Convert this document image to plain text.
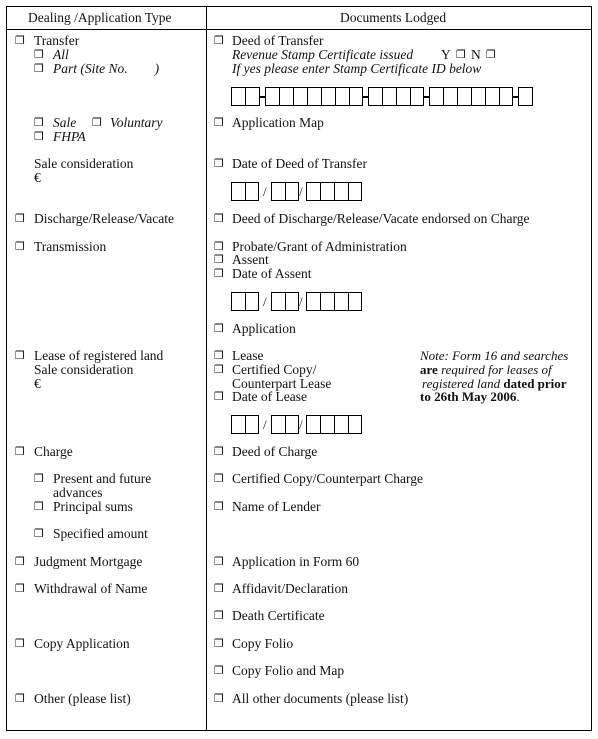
Dealing /Application Type	Documents Lodged
❒ Transfer
❒ All
❒ Part (Site No.        )
❒ Sale ❒ Voluntary
❒ FHPA
Sale consideration
€
❒ Discharge/Release/Vacate
❒ Transmission
❒ Lease of registered land
Sale consideration
€
❒ Charge
❒ Present and future
advances
❒ Principal sums
❒ Specified amount
❒ Judgment Mortgage
❒ Withdrawal of Name
❒ Copy Application
❒ Other (please list)
❒ Deed of Transfer
Revenue Stamp Certificate issued Y ❒ N ❒
If yes please enter Stamp Certificate ID below
❒ Application Map
❒ Date of Deed of Transfer
/ /
❒ Deed of Discharge/Release/Vacate endorsed on Charge
❒ Probate/Grant of Administration
❒ Assent
❒ Date of Assent
/ /
❒ Application
❒ Lease
❒ Certified Copy/
Counterpart Lease
❒ Date of Lease
Note: Form 16 and searches
are required for leases of
registered land dated prior
to 26th May 2006.
/ /
❒ Deed of Charge
❒ Certified Copy/Counterpart Charge
❒ Name of Lender
❒ Application in Form 60
❒ Affidavit/Declaration
❒ Death Certificate
❒ Copy Folio
❒ Copy Folio and Map
❒ All other documents (please list)
